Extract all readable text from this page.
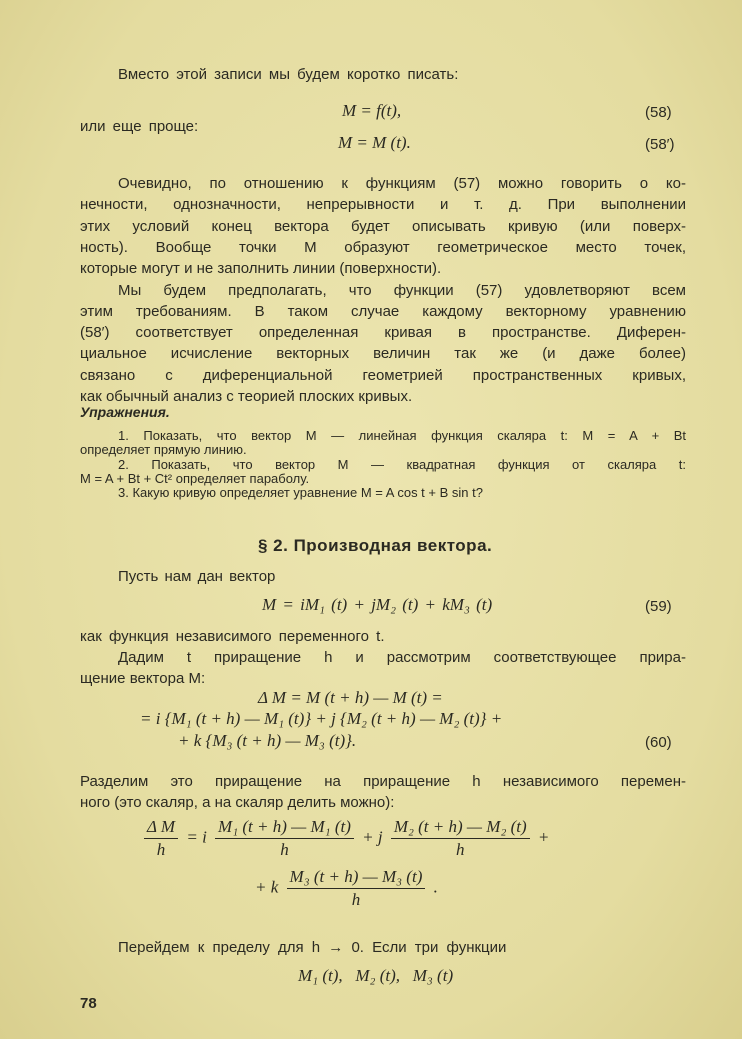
Вместо этой записи мы будем коротко писать:
M = f(t),	(58)
или еще проще:
M = M (t).	(58′)
Очевидно, по отношению к функциям (57) можно говорить о ко-
нечности, однозначности, непрерывности и т. д. При выполнении
этих условий конец вектора будет описывать кривую (или поверх-
ность). Вообще точки M образуют геометрическое место точек,
которые могут и не заполнить линии (поверхности).
Мы будем предполагать, что функции (57) удовлетворяют всем
этим требованиям. В таком случае каждому векторному уравнению
(58′) соответствует определенная кривая в пространстве. Диферен-
циальное исчисление векторных величин так же (и даже более)
связано с диференциальной геометрией пространственных кривых,
как обычный анализ с теорией плоских кривых.
Упражнения.
1. Показать, что вектор M — линейная функция скаляра t: M = A + Bt
определяет прямую линию.
2. Показать, что вектор M — квадратная функция от скаляра t:
M = A + Bt + Ct² определяет параболу.
3. Какую кривую определяет уравнение M = A cos t + B sin t?
§ 2. Производная вектора.
Пусть нам дан вектор
M = iM₁ (t) + jM₂ (t) + kM₃ (t)	(59)
как функция независимого переменного t.
Дадим t приращение h и рассмотрим соответствующее прира-
щение вектора M:
Δ M = M (t + h) — M (t) =
= i {M₁ (t + h) — M₁ (t)} + j {M₂ (t + h) — M₂ (t)} +
+ k {M₃ (t + h) — M₃ (t)}.	(60)
Разделим это приращение на приращение h независимого перемен-
ного (это скаляр, а на скаляр делить можно):
$\frac{\text{Δ M}}{h} = i \frac{\text{M₁ (t + h) — M₁ (t)}}{h} + j \frac{\text{M₂ (t + h) — M₂ (t)}}{h}$ +
+ k $\frac{\text{M₃ (t + h) — M₃ (t)}}{h}$ .
Перейдем к пределу для h → 0. Если три функции
M₁ (t),   M₂ (t),   M₃ (t)
78
